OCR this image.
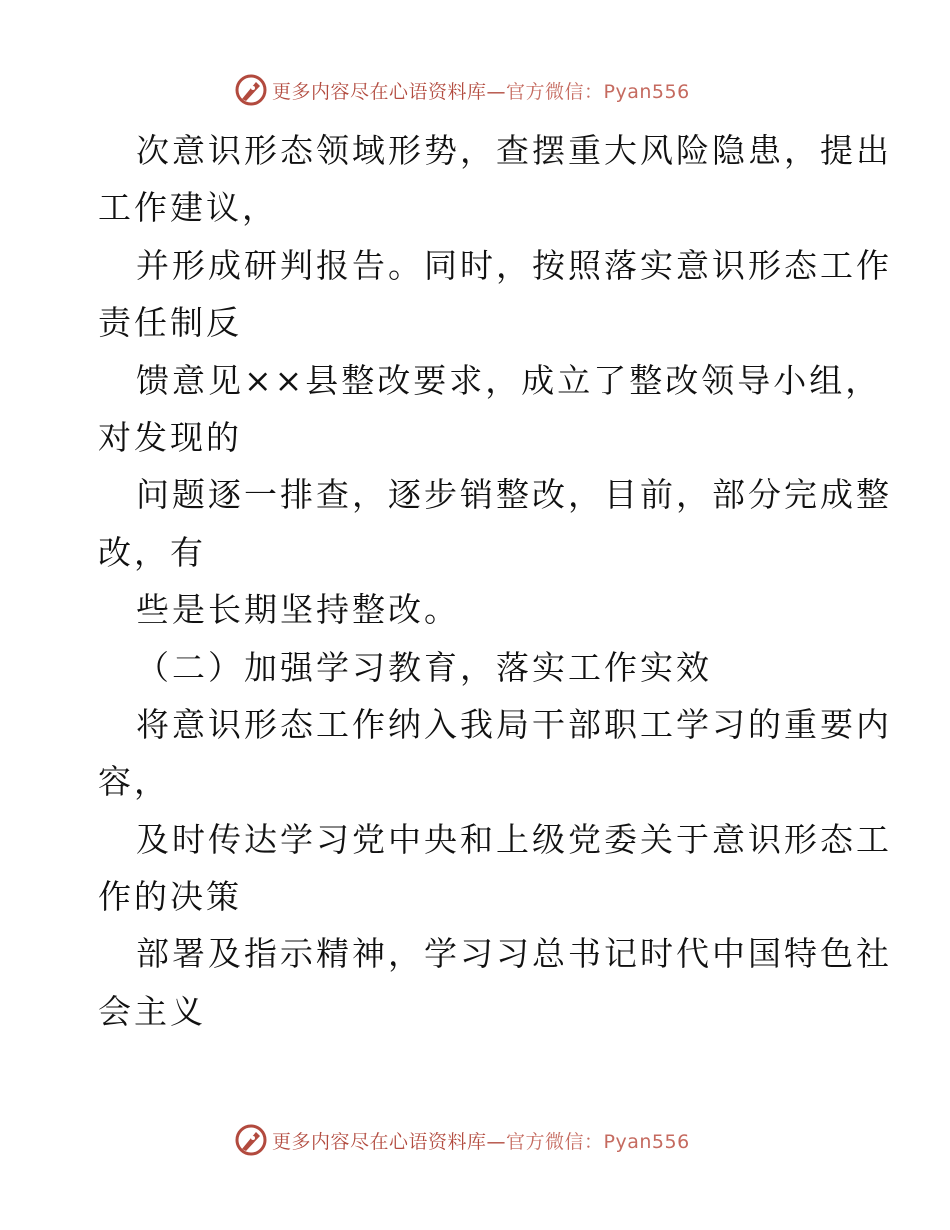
更多内容尽在心语资料库—官方微信：Pyan556
次意识形态领域形势，查摆重大风险隐患，提出
工作建议，
并形成研判报告。同时，按照落实意识形态工作
责任制反
馈意见××县整改要求，成立了整改领导小组，
对发现的
问题逐一排查，逐步销整改，目前，部分完成整
改，有
些是长期坚持整改。
（二）加强学习教育，落实工作实效
将意识形态工作纳入我局干部职工学习的重要内
容，
及时传达学习党中央和上级党委关于意识形态工
作的决策
部署及指示精神，学习习总书记时代中国特色社
会主义
更多内容尽在心语资料库—官方微信：Pyan556
